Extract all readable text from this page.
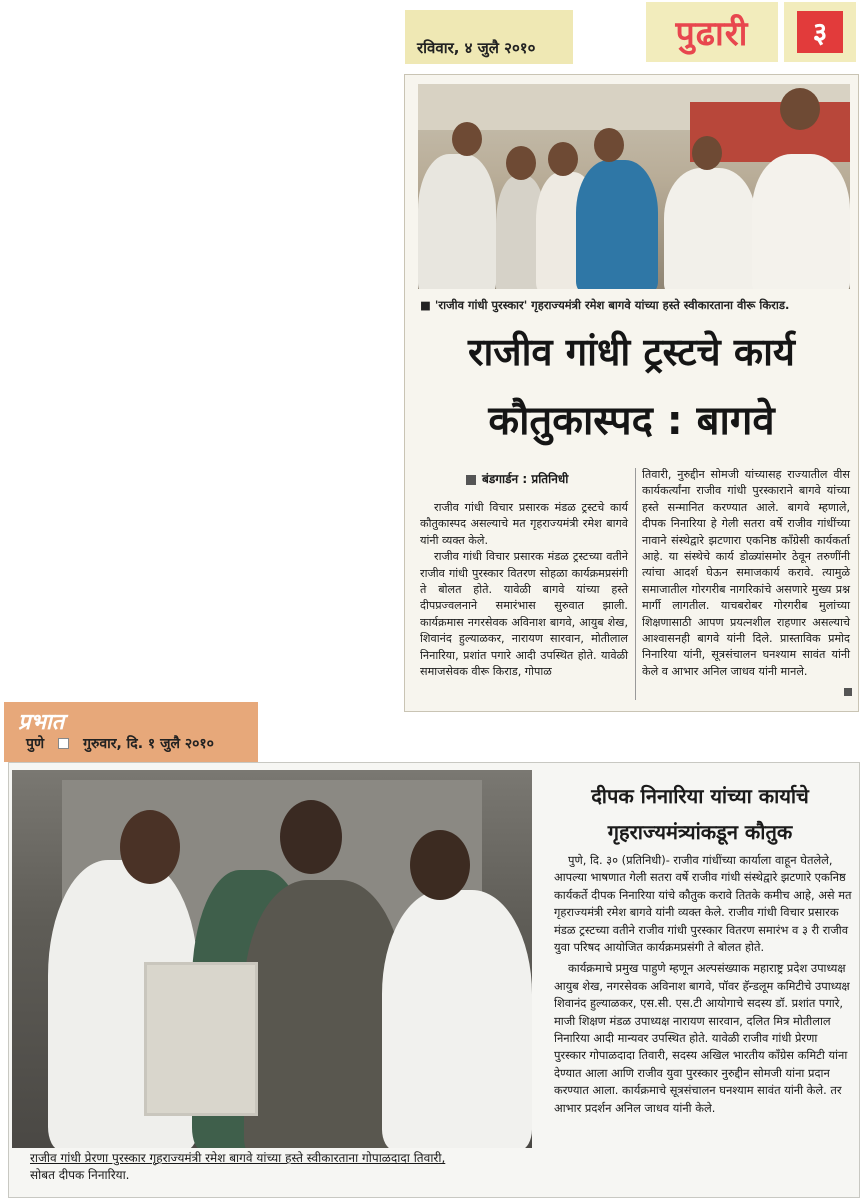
रविवार, ४ जुलै २०१०	पुढारी	३
■ 'राजीव गांधी पुरस्कार' गृहराज्यमंत्री रमेश बागवे यांच्या हस्ते स्वीकारताना वीरू किराड.
राजीव गांधी ट्रस्टचे कार्य
कौतुकास्पद : बागवे
बंडगार्डन : प्रतिनिधी

राजीव गांधी विचार प्रसारक मंडळ ट्रस्टचे कार्य कौतुकास्पद असल्याचे मत गृहराज्यमंत्री रमेश बागवे यांनी व्यक्त केले.

राजीव गांधी विचार प्रसारक मंडळ ट्रस्टच्या वतीने राजीव गांधी पुरस्कार वितरण सोहळा कार्यक्रमप्रसंगी ते बोलत होते. यावेळी बागवे यांच्या हस्ते दीपप्रज्वलनाने समारंभास सुरुवात झाली. कार्यक्रमास नगरसेवक अविनाश बागवे, आयुब शेख, शिवानंद हुल्याळकर, नारायण सारवान, मोतीलाल निनारिया, प्रशांत पगारे आदी उपस्थित होते. यावेळी समाजसेवक वीरू किराड, गोपाळ

तिवारी, नुरुद्दीन सोमजी यांच्यासह राज्यातील वीस कार्यकर्त्यांना राजीव गांधी पुरस्काराने बागवे यांच्या हस्ते सन्मानित करण्यात आले. बागवे म्हणाले, दीपक निनारिया हे गेली सतरा वर्षे राजीव गांधींच्या नावाने संस्थेद्वारे झटणारा एकनिष्ठ काँग्रेसी कार्यकर्ता आहे. या संस्थेचे कार्य डोळ्यांसमोर ठेवून तरुणींनी त्यांचा आदर्श घेऊन समाजकार्य करावे. त्यामुळे समाजातील गोरगरीब नागरिकांचे असणारे मुख्य प्रश्न मार्गी लागतील. याचबरोबर गोरगरीब मुलांच्या शिक्षणासाठी आपण प्रयत्नशील राहणार असल्याचे आश्वासनही बागवे यांनी दिले. प्रास्ताविक प्रमोद निनारिया यांनी, सूत्रसंचालन घनश्याम सावंत यांनी केले व आभार अनिल जाधव यांनी मानले.
प्रभात
पुणे	गुरुवार, दि. १ जुलै २०१०
राजीव गांधी प्रेरणा पुरस्कार गृहराज्यमंत्री रमेश बागवे यांच्या हस्ते स्वीकारताना गोपाळदादा तिवारी,
सोबत दीपक निनारिया.
दीपक निनारिया यांच्या कार्याचे
गृहराज्यमंत्र्यांकडून कौतुक

पुणे, दि. ३० (प्रतिनिधी)- राजीव गांधींच्या कार्याला वाहून घेतलेले, आपल्या भाषणात गेली सतरा वर्षे राजीव गांधी संस्थेद्वारे झटणारे एकनिष्ठ कार्यकर्ते दीपक निनारिया यांचे कौतुक करावे तितके कमीच आहे, असे मत गृहराज्यमंत्री रमेश बागवे यांनी व्यक्त केले. राजीव गांधी विचार प्रसारक मंडळ ट्रस्टच्या वतीने राजीव गांधी पुरस्कार वितरण समारंभ व ३ री राजीव युवा परिषद आयोजित कार्यक्रमप्रसंगी ते बोलत होते.

कार्यक्रमाचे प्रमुख पाहुणे म्हणून अल्पसंख्याक महाराष्ट्र प्रदेश उपाध्यक्ष आयुब शेख, नगरसेवक अविनाश बागवे, पॉवर हॅन्डलूम कमिटीचे उपाध्यक्ष शिवानंद हुल्याळकर, एस.सी. एस.टी आयोगाचे सदस्य डॉ. प्रशांत पगारे, माजी शिक्षण मंडळ उपाध्यक्ष नारायण सारवान, दलित मित्र मोतीलाल निनारिया आदी मान्यवर उपस्थित होते. यावेळी राजीव गांधी प्रेरणा पुरस्कार गोपाळदादा तिवारी, सदस्य अखिल भारतीय काँग्रेस कमिटी यांना देण्यात आला आणि राजीव युवा पुरस्कार नुरुद्दीन सोमजी यांना प्रदान करण्यात आला. कार्यक्रमाचे सूत्रसंचालन घनश्याम सावंत यांनी केले. तर आभार प्रदर्शन अनिल जाधव यांनी केले.
